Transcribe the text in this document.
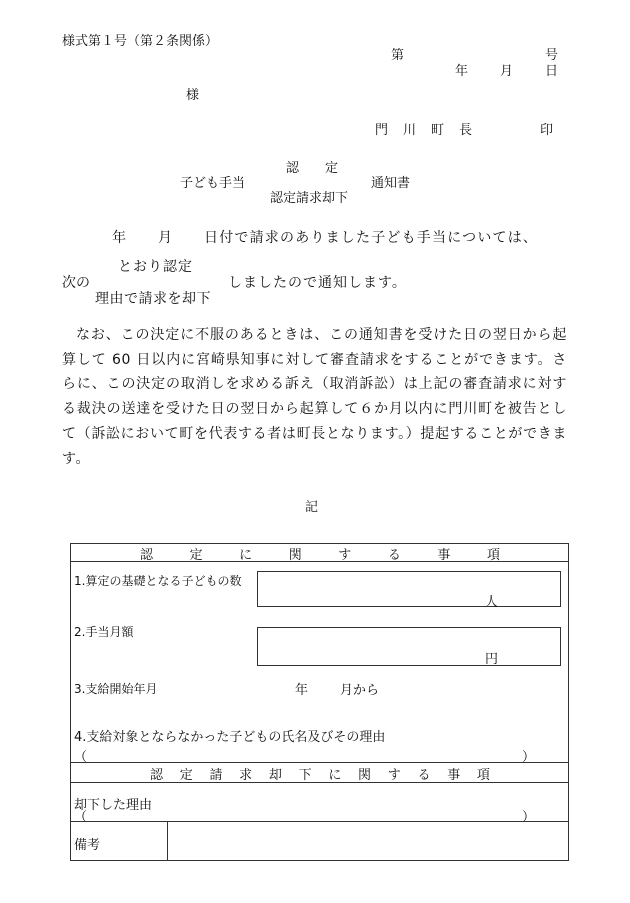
様式第１号（第２条関係）
第	号
年 月 日
様
門　川　町　長	印
認　　定
子ども手当	通知書
認定請求却下
年 月 日付で請求のありました子ども手当については、
とおり認定
次の	しましたので通知します。
理由で請求を却下

なお、この決定に不服のあるときは、この通知書を受けた日の翌日から起算して 60 日以内に宮崎県知事に対して審査請求をすることができます。さらに、この決定の取消しを求める訴え（取消訴訟）は上記の審査請求に対する裁決の送達を受けた日の翌日から起算して６か月以内に門川町を被告として（訴訟において町を代表する者は町長となります。）提起することができます。

記
認	定	に	関	す	る	事	項
1.算定の基礎となる子どもの数
人
2.手当月額
円
3.支給開始年月	年 月から
4.支給対象とならなかった子どもの氏名及びその理由
（	）
認 定 請 求 却 下 に 関 す る 事 項
却下した理由
（	）
備考
